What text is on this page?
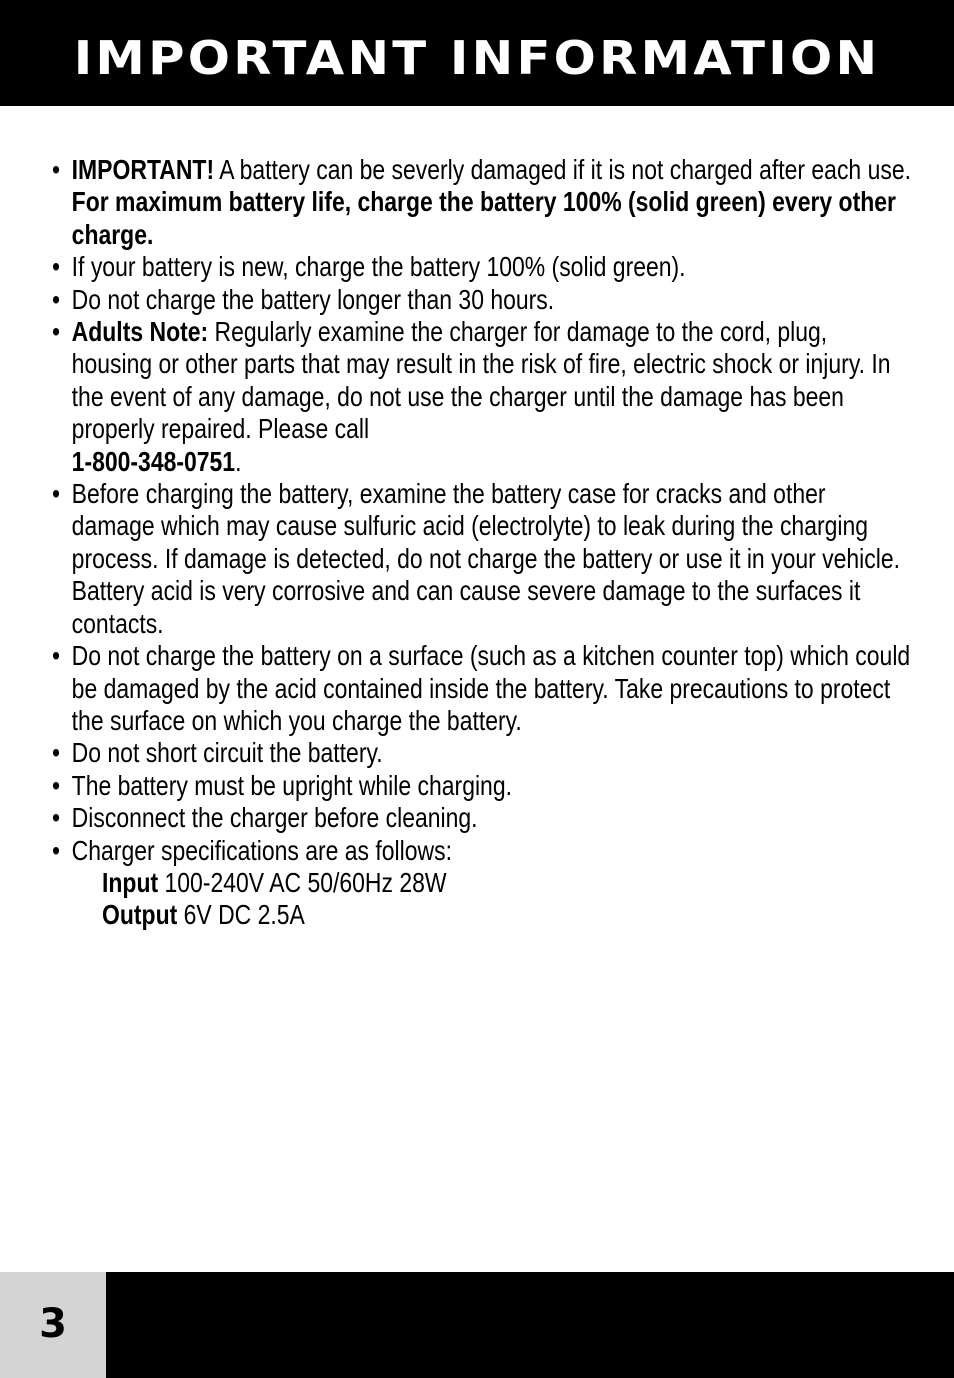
IMPORTANT INFORMATION
• IMPORTANT! A battery can be severly damaged if it is not charged after each use. For maximum battery life, charge the battery 100% (solid green) every other charge.
• If your battery is new, charge the battery 100% (solid green).
• Do not charge the battery longer than 30 hours.
• Adults Note: Regularly examine the charger for damage to the cord, plug, housing or other parts that may result in the risk of fire, electric shock or injury. In the event of any damage, do not use the charger until the damage has been properly repaired. Please call
1-800-348-0751.
• Before charging the battery, examine the battery case for cracks and other damage which may cause sulfuric acid (electrolyte) to leak during the charging process. If damage is detected, do not charge the battery or use it in your vehicle. Battery acid is very corrosive and can cause severe damage to the surfaces it contacts.
• Do not charge the battery on a surface (such as a kitchen counter top) which could be damaged by the acid contained inside the battery. Take precautions to protect the surface on which you charge the battery.
• Do not short circuit the battery.
• The battery must be upright while charging.
• Disconnect the charger before cleaning.
• Charger specifications are as follows:
Input 100-240V AC 50/60Hz 28W
Output 6V DC 2.5A
3
